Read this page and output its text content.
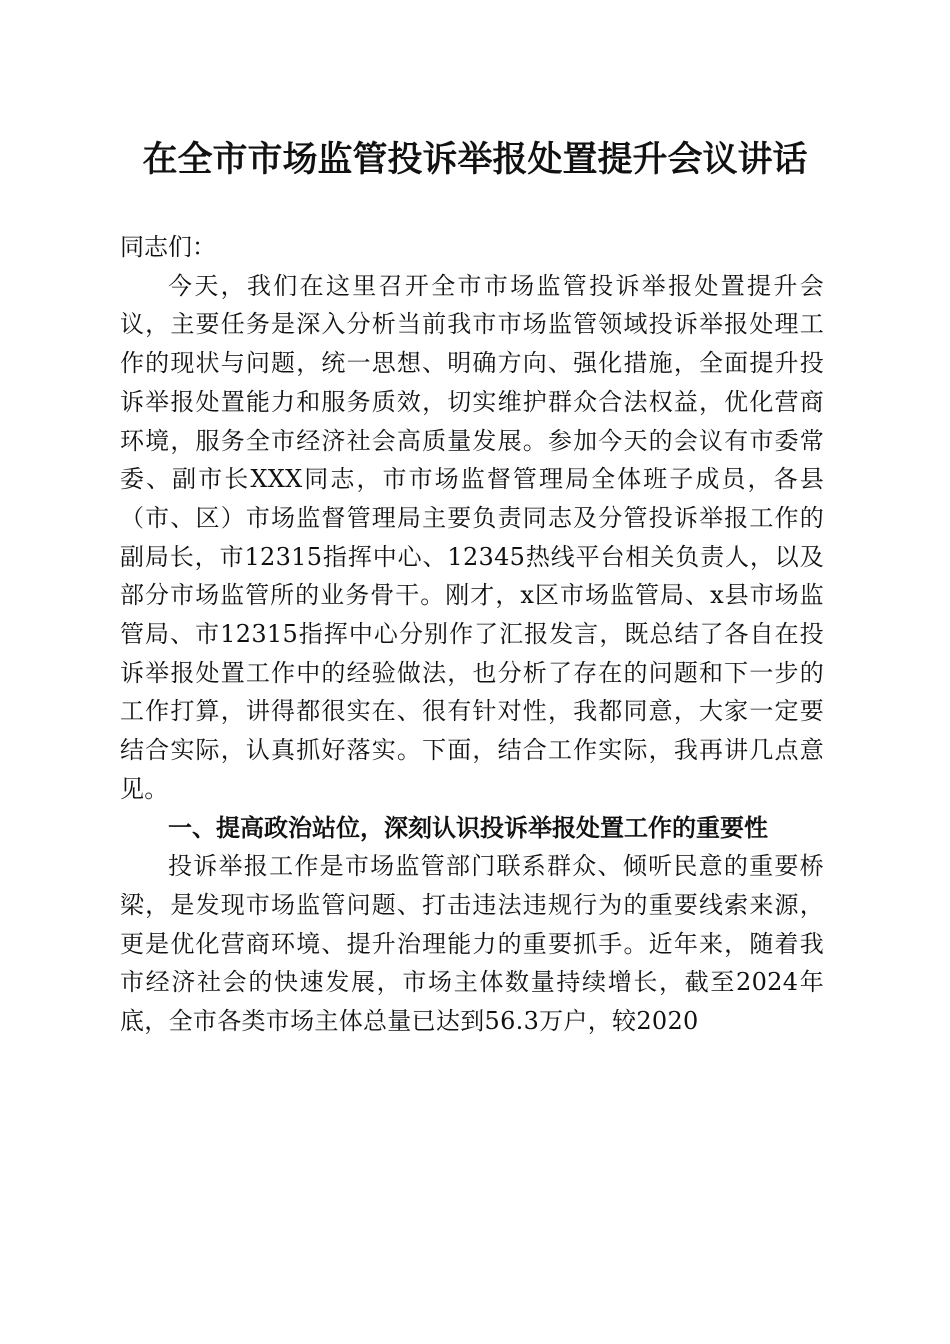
在全市市场监管投诉举报处置提升会议讲话

同志们：

今天，我们在这里召开全市市场监管投诉举报处置提升会议，主要任务是深入分析当前我市市场监管领域投诉举报处理工作的现状与问题，统一思想、明确方向、强化措施，全面提升投诉举报处置能力和服务质效，切实维护群众合法权益，优化营商环境，服务全市经济社会高质量发展。参加今天的会议有市委常委、副市长XXX同志，市市场监督管理局全体班子成员，各县（市、区）市场监督管理局主要负责同志及分管投诉举报工作的副局长，市12315指挥中心、12345热线平台相关负责人，以及部分市场监管所的业务骨干。刚才，x区市场监管局、x县市场监管局、市12315指挥中心分别作了汇报发言，既总结了各自在投诉举报处置工作中的经验做法，也分析了存在的问题和下一步的工作打算，讲得都很实在、很有针对性，我都同意，大家一定要结合实际，认真抓好落实。下面，结合工作实际，我再讲几点意见。

一、提高政治站位，深刻认识投诉举报处置工作的重要性

投诉举报工作是市场监管部门联系群众、倾听民意的重要桥梁，是发现市场监管问题、打击违法违规行为的重要线索来源，更是优化营商环境、提升治理能力的重要抓手。近年来，随着我市经济社会的快速发展，市场主体数量持续增长，截至2024年底，全市各类市场主体总量已达到56.3万户，较2020
